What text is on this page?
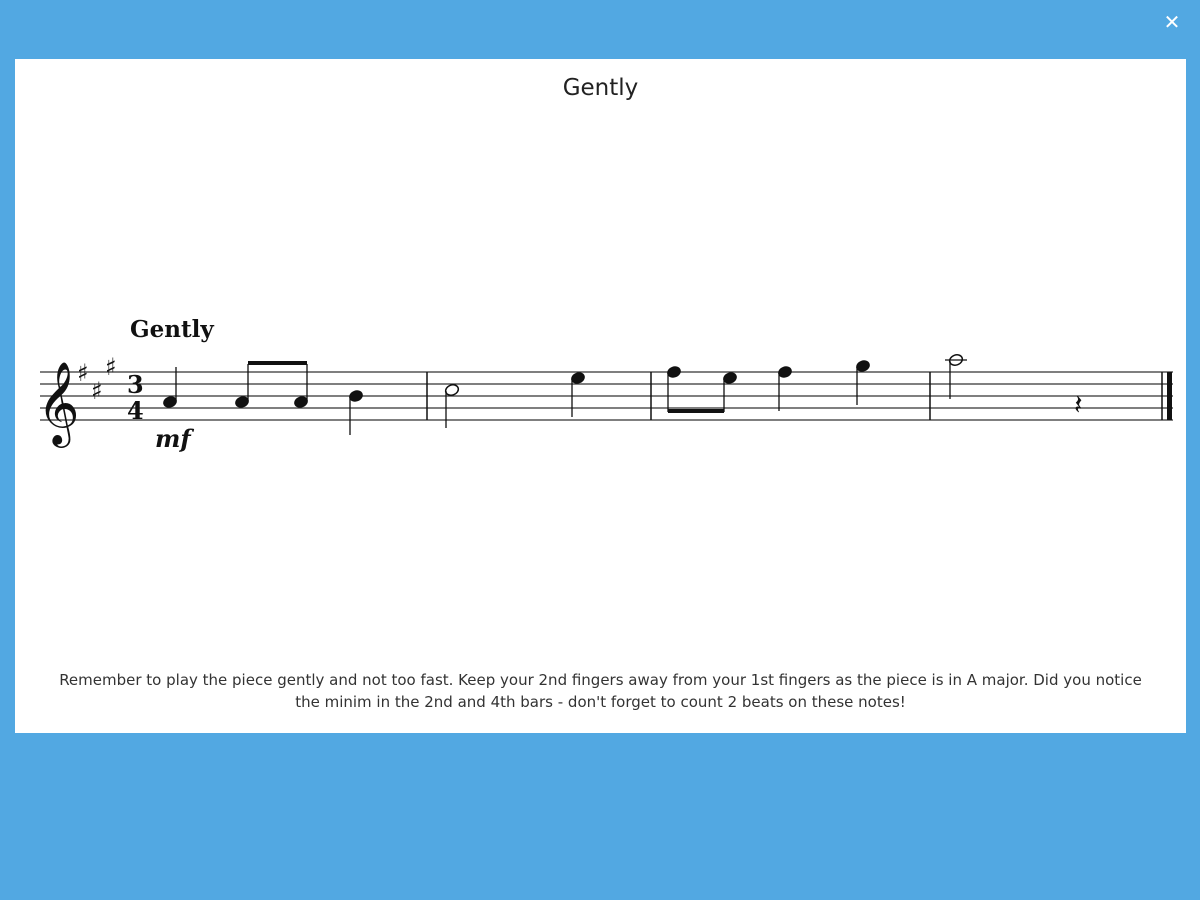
✕
Gently
𝄞
♯
♯
♯
3
4	𝄽
Gently
mf
Remember to play the piece gently and not too fast. Keep your 2nd fingers away from your 1st fingers as the piece is in A major. Did you notice the minim in the 2nd and 4th bars - don't forget to count 2 beats on these notes!
